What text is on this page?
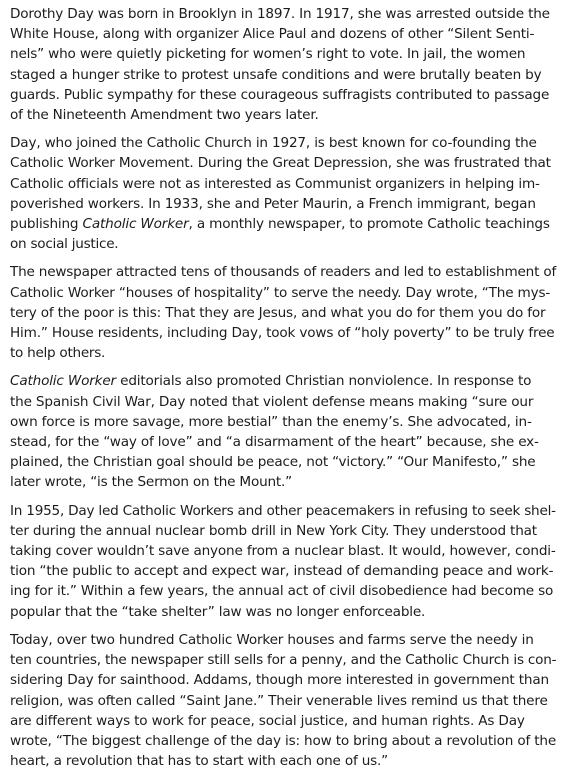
Dorothy Day was born in Brooklyn in 1897. In 1917, she was arrested outside the
White House, along with organizer Alice Paul and dozens of other “Silent Senti-
nels” who were quietly picketing for women’s right to vote. In jail, the women
staged a hunger strike to protest unsafe conditions and were brutally beaten by
guards. Public sympathy for these courageous suffragists contributed to passage
of the Nineteenth Amendment two years later.

Day, who joined the Catholic Church in 1927, is best known for co-founding the
Catholic Worker Movement. During the Great Depression, she was frustrated that
Catholic officials were not as interested as Communist organizers in helping im-
poverished workers. In 1933, she and Peter Maurin, a French immigrant, began
publishing Catholic Worker, a monthly newspaper, to promote Catholic teachings
on social justice.

The newspaper attracted tens of thousands of readers and led to establishment of
Catholic Worker “houses of hospitality” to serve the needy. Day wrote, “The mys-
tery of the poor is this: That they are Jesus, and what you do for them you do for
Him.” House residents, including Day, took vows of “holy poverty” to be truly free
to help others.

Catholic Worker editorials also promoted Christian nonviolence. In response to
the Spanish Civil War, Day noted that violent defense means making “sure our
own force is more savage, more bestial” than the enemy’s. She advocated, in-
stead, for the “way of love” and “a disarmament of the heart” because, she ex-
plained, the Christian goal should be peace, not “victory.” “Our Manifesto,” she
later wrote, “is the Sermon on the Mount.”

In 1955, Day led Catholic Workers and other peacemakers in refusing to seek shel-
ter during the annual nuclear bomb drill in New York City. They understood that
taking cover wouldn’t save anyone from a nuclear blast. It would, however, condi-
tion “the public to accept and expect war, instead of demanding peace and work-
ing for it.” Within a few years, the annual act of civil disobedience had become so
popular that the “take shelter” law was no longer enforceable.

Today, over two hundred Catholic Worker houses and farms serve the needy in
ten countries, the newspaper still sells for a penny, and the Catholic Church is con-
sidering Day for sainthood. Addams, though more interested in government than
religion, was often called “Saint Jane.” Their venerable lives remind us that there
are different ways to work for peace, social justice, and human rights. As Day
wrote, “The biggest challenge of the day is: how to bring about a revolution of the
heart, a revolution that has to start with each one of us.”
